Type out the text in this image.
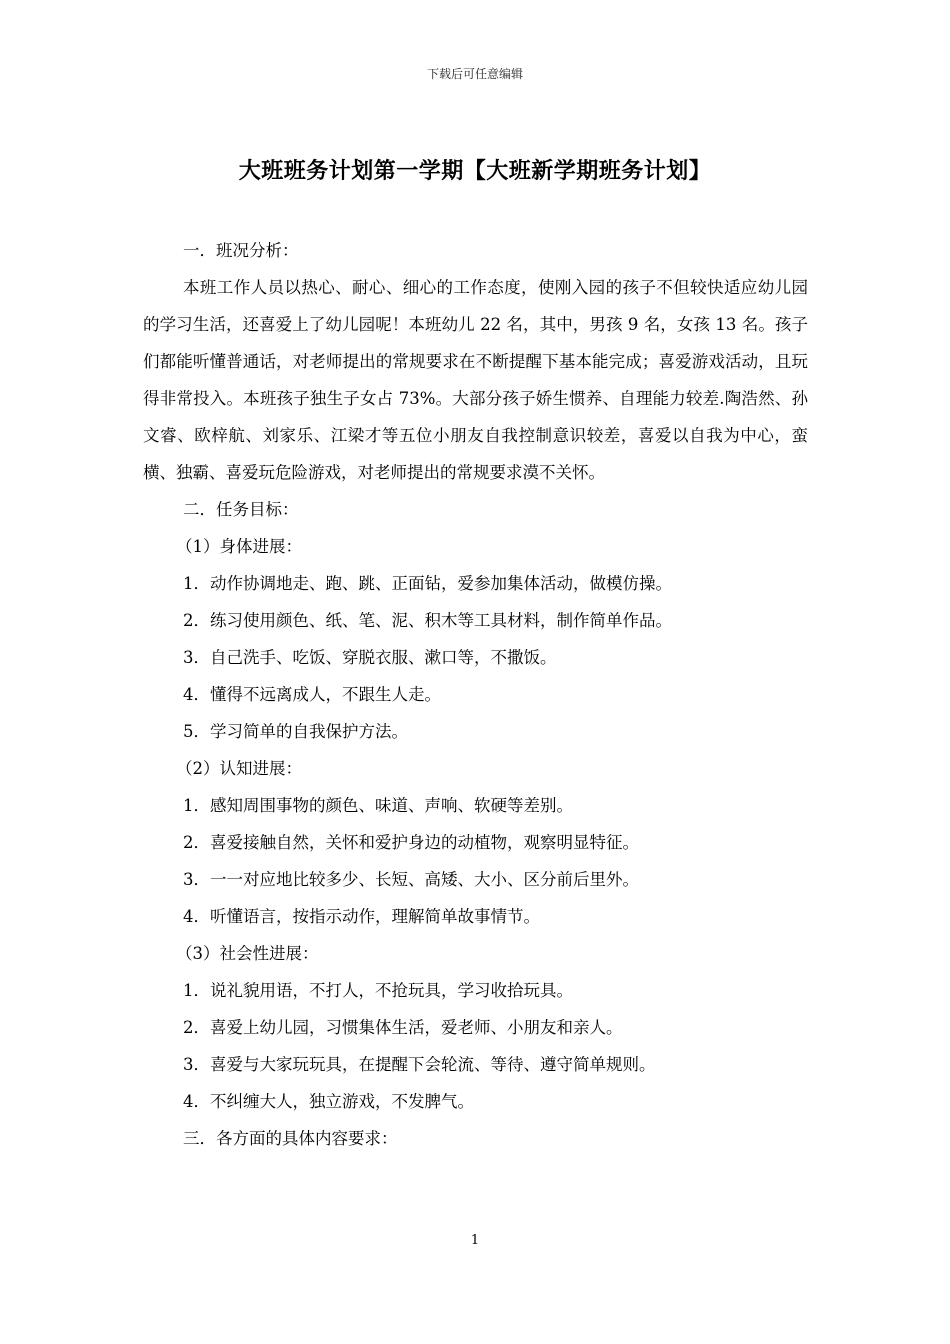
下载后可任意编辑
大班班务计划第一学期【大班新学期班务计划】
一．班况分析：

本班工作人员以热心、耐心、细心的工作态度，使刚入园的孩子不但较快适应幼儿园的学习生活，还喜爱上了幼儿园呢！本班幼儿 22 名，其中，男孩 9 名，女孩 13 名。孩子们都能听懂普通话，对老师提出的常规要求在不断提醒下基本能完成；喜爱游戏活动，且玩得非常投入。本班孩子独生子女占 73%。大部分孩子娇生惯养、自理能力较差.陶浩然、孙文睿、欧梓航、刘家乐、江梁才等五位小朋友自我控制意识较差，喜爱以自我为中心，蛮横、独霸、喜爱玩危险游戏，对老师提出的常规要求漠不关怀。

二．任务目标：
（1）身体进展：
1．动作协调地走、跑、跳、正面钻，爱参加集体活动，做模仿操。
2．练习使用颜色、纸、笔、泥、积木等工具材料，制作简单作品。
3．自己洗手、吃饭、穿脱衣服、漱口等，不撒饭。
4．懂得不远离成人，不跟生人走。
5．学习简单的自我保护方法。
（2）认知进展：
1．感知周围事物的颜色、味道、声响、软硬等差别。
2．喜爱接触自然，关怀和爱护身边的动植物，观察明显特征。
3．一一对应地比较多少、长短、高矮、大小、区分前后里外。
4．听懂语言，按指示动作，理解简单故事情节。
（3）社会性进展：
1．说礼貌用语，不打人，不抢玩具，学习收拾玩具。
2．喜爱上幼儿园，习惯集体生活，爱老师、小朋友和亲人。
3．喜爱与大家玩玩具，在提醒下会轮流、等待、遵守简单规则。
4．不纠缠大人，独立游戏，不发脾气。
三．各方面的具体内容要求：
1
